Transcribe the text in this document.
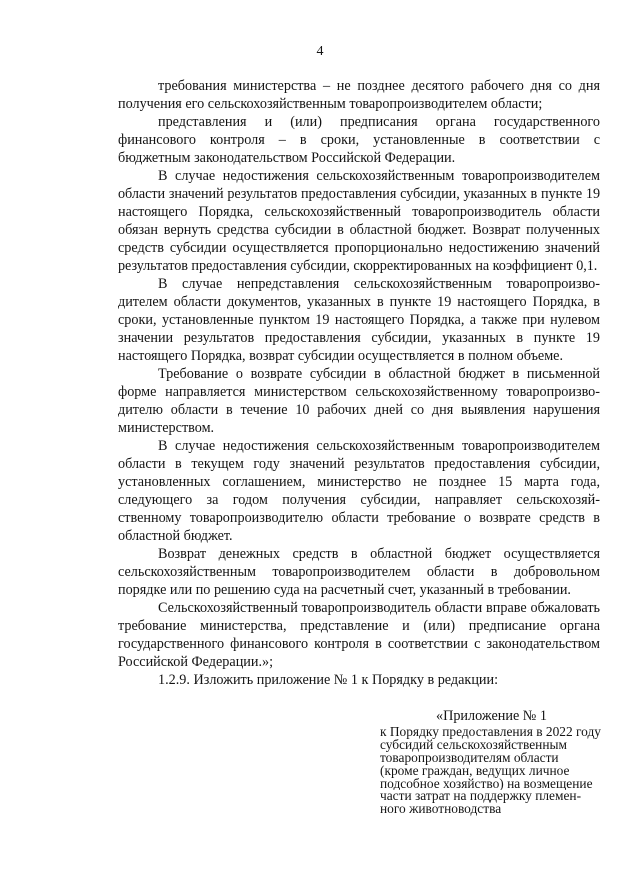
4
требования министерства – не позднее десятого рабочего дня со дня
получения его сельскохозяйственным товаропроизводителем области;
представления и (или) предписания органа государственного
финансового контроля – в сроки, установленные в соответствии с
бюджетным законодательством Российской Федерации.
В случае недостижения сельскохозяйственным товаропроизводителем
области значений результатов предоставления субсидии, указанных в пункте 19
настоящего Порядка, сельскохозяйственный товаропроизводитель области
обязан вернуть средства субсидии в областной бюджет. Возврат полученных
средств субсидии осуществляется пропорционально недостижению значений
результатов предоставления субсидии, скорректированных на коэффициент 0,1.
В случае непредставления сельскохозяйственным товаропроизво-
дителем области документов, указанных в пункте 19 настоящего Порядка, в
сроки, установленные пунктом 19 настоящего Порядка, а также при нулевом
значении результатов предоставления субсидии, указанных в пункте 19
настоящего Порядка, возврат субсидии осуществляется в полном объеме.
Требование о возврате субсидии в областной бюджет в письменной
форме направляется министерством сельскохозяйственному товаропроизво-
дителю области в течение 10 рабочих дней со дня выявления нарушения
министерством.
В случае недостижения сельскохозяйственным товаропроизводителем
области в текущем году значений результатов предоставления субсидии,
установленных соглашением, министерство не позднее 15 марта года,
следующего за годом получения субсидии, направляет сельскохозяй-
ственному товаропроизводителю области требование о возврате средств в
областной бюджет.
Возврат денежных средств в областной бюджет осуществляется
сельскохозяйственным товаропроизводителем области в добровольном
порядке или по решению суда на расчетный счет, указанный в требовании.
Сельскохозяйственный товаропроизводитель области вправе обжаловать
требование министерства, представление и (или) предписание органа
государственного финансового контроля в соответствии с законодательством
Российской Федерации.»;
1.2.9. Изложить приложение № 1 к Порядку в редакции:
«Приложение № 1
к Порядку предоставления в 2022 году
субсидий сельскохозяйственным
товаропроизводителям области
(кроме граждан, ведущих личное
подсобное хозяйство) на возмещение
части затрат на поддержку племен-
ного животноводства
